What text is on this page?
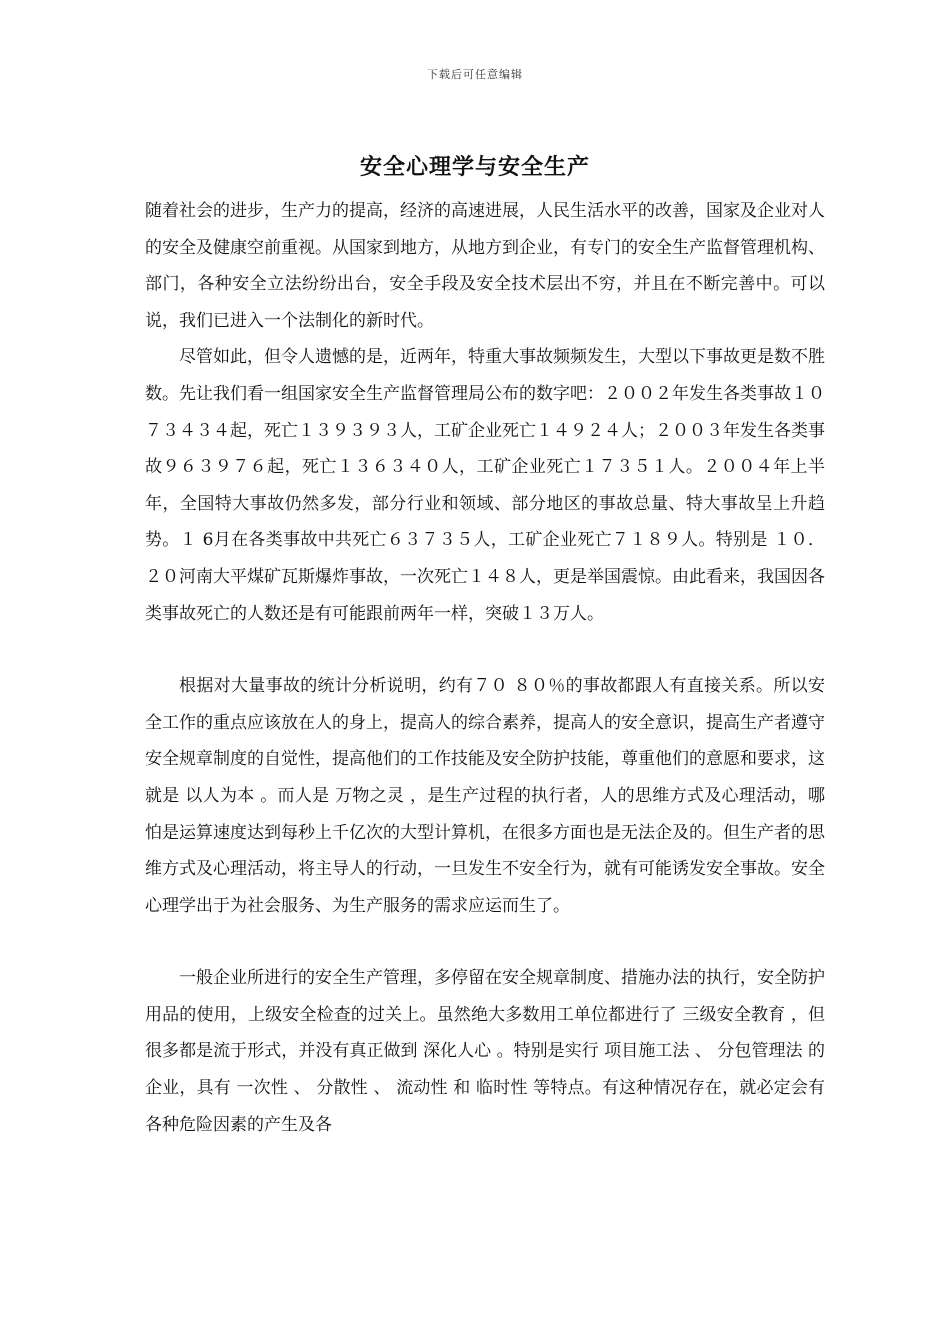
下载后可任意编辑
安全心理学与安全生产

随着社会的进步，生产力的提高，经济的高速进展，人民生活水平的改善，国家及企业对人的安全及健康空前重视。从国家到地方，从地方到企业，有专门的安全生产监督管理机构、部门，各种安全立法纷纷出台，安全手段及安全技术层出不穷，并且在不断完善中。可以说，我们已进入一个法制化的新时代。

尽管如此，但令人遗憾的是，近两年，特重大事故频频发生，大型以下事故更是数不胜数。先让我们看一组国家安全生产监督管理局公布的数字吧：２００２年发生各类事故１０７３４３４起，死亡１３９３９３人，工矿企业死亡１４９２４人；２００３年发生各类事故９６３９７６起，死亡１３６３４０人，工矿企业死亡１７３５１人。２００４年上半年，全国特大事故仍然多发，部分行业和领域、部分地区的事故总量、特大事故呈上升趋势。１ 6月在各类事故中共死亡６３７３５人，工矿企业死亡７１８９人。特别是 １０．２０河南大平煤矿瓦斯爆炸事故，一次死亡１４８人，更是举国震惊。由此看来，我国因各类事故死亡的人数还是有可能跟前两年一样，突破１３万人。

根据对大量事故的统计分析说明，约有７０ ８０％的事故都跟人有直接关系。所以安全工作的重点应该放在人的身上，提高人的综合素养，提高人的安全意识，提高生产者遵守安全规章制度的自觉性，提高他们的工作技能及安全防护技能，尊重他们的意愿和要求，这就是 以人为本 。而人是 万物之灵 ，是生产过程的执行者，人的思维方式及心理活动，哪怕是运算速度达到每秒上千亿次的大型计算机，在很多方面也是无法企及的。但生产者的思维方式及心理活动，将主导人的行动，一旦发生不安全行为，就有可能诱发安全事故。安全心理学出于为社会服务、为生产服务的需求应运而生了。

一般企业所进行的安全生产管理，多停留在安全规章制度、措施办法的执行，安全防护用品的使用，上级安全检查的过关上。虽然绝大多数用工单位都进行了 三级安全教育 ，但很多都是流于形式，并没有真正做到 深化人心 。特别是实行 项目施工法 、 分包管理法 的企业，具有 一次性 、 分散性 、 流动性 和 临时性 等特点。有这种情况存在，就必定会有各种危险因素的产生及各
